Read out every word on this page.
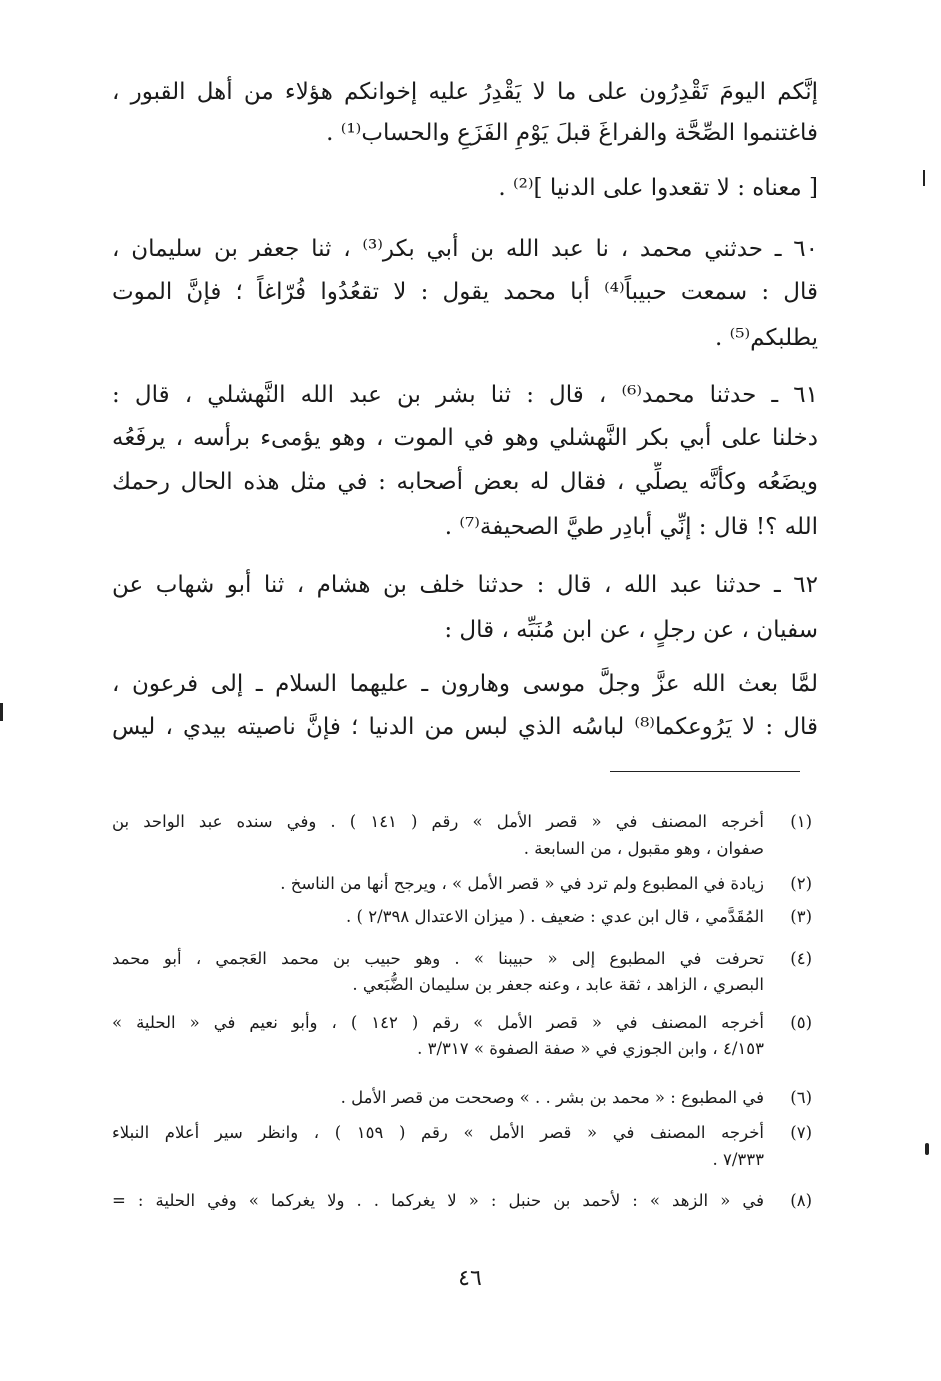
إنَّكم اليومَ تَقْدِرُون على ما لا يَقْدِرُ عليه إخوانكم هؤلاء من أهل القبور ،
فاغتنموا الصِّحَّة والفراغَ قبلَ يَوْمِ الفَزَعِ والحساب⁽¹⁾ .
[ معناه : لا تقعدوا على الدنيا ]⁽²⁾ .
٦٠ ـ حدثني محمد ، نا عبد الله بن أبي بكر⁽³⁾ ، ثنا جعفر بن سليمان ،
قال : سمعت حبيباً⁽⁴⁾ أبا محمد يقول : لا تقعُدُوا فُرّاغاً ؛ فإنَّ الموت
يطلبكم⁽⁵⁾ .
٦١ ـ حدثنا محمد⁽⁶⁾ ، قال : ثنا بشر بن عبد الله النَّهشلي ، قال :
دخلنا على أبي بكر النَّهشلي وهو في الموت ، وهو يؤمىء برأسه ، يرفَعُه
ويضَعُه وكأنَّه يصلِّي ، فقال له بعض أصحابه : في مثل هذه الحال رحمك
الله ؟! قال : إنِّي أبادِر طيَّ الصحيفة⁽⁷⁾ .
٦٢ ـ حدثنا عبد الله ، قال : حدثنا خلف بن هشام ، ثنا أبو شهاب عن
سفيان ، عن رجلٍ ، عن ابن مُنَبِّه ، قال :
لمَّا بعث الله عزَّ وجلَّ موسى وهارون ـ عليهما السلام ـ إلى فرعون ،
قال : لا يَرُوعكما⁽⁸⁾ لباسُه الذي لبس من الدنيا ؛ فإنَّ ناصيته بيدي ، ليس
(١)أخرجه المصنف في « قصر الأمل » رقم ( ١٤١ ) . وفي سنده عبد الواحد بن
صفوان ، وهو مقبول ، من السابعة .
(٢)زيادة في المطبوع ولم ترد في « قصر الأمل » ، ويرجح أنها من الناسخ .
(٣)المُقَدَّمي ، قال ابن عدي : ضعيف . ( ميزان الاعتدال ٢/٣٩٨ ) .
(٤)تحرفت في المطبوع إلى « حبيبنا » . وهو حبيب بن محمد العَجمي ، أبو محمد
البصري ، الزاهد ، ثقة عابد ، وعنه جعفر بن سليمان الضُّبَعي .
(٥)أخرجه المصنف في « قصر الأمل » رقم ( ١٤٢ ) ، وأبو نعيم في « الحلية »
٤/١٥٣ ، وابن الجوزي في « صفة الصفوة » ٣/٣١٧ .
(٦)في المطبوع : « محمد بن بشر . . » وصححت من قصر الأمل .
(٧)أخرجه المصنف في « قصر الأمل » رقم ( ١٥٩ ) ، وانظر سير أعلام النبلاء
٧/٣٣٣ .
(٨)في « الزهد » : لأحمد بن حنبل : « لا يغركما . . ولا يغركما » وفي الحلية : =
٤٦
